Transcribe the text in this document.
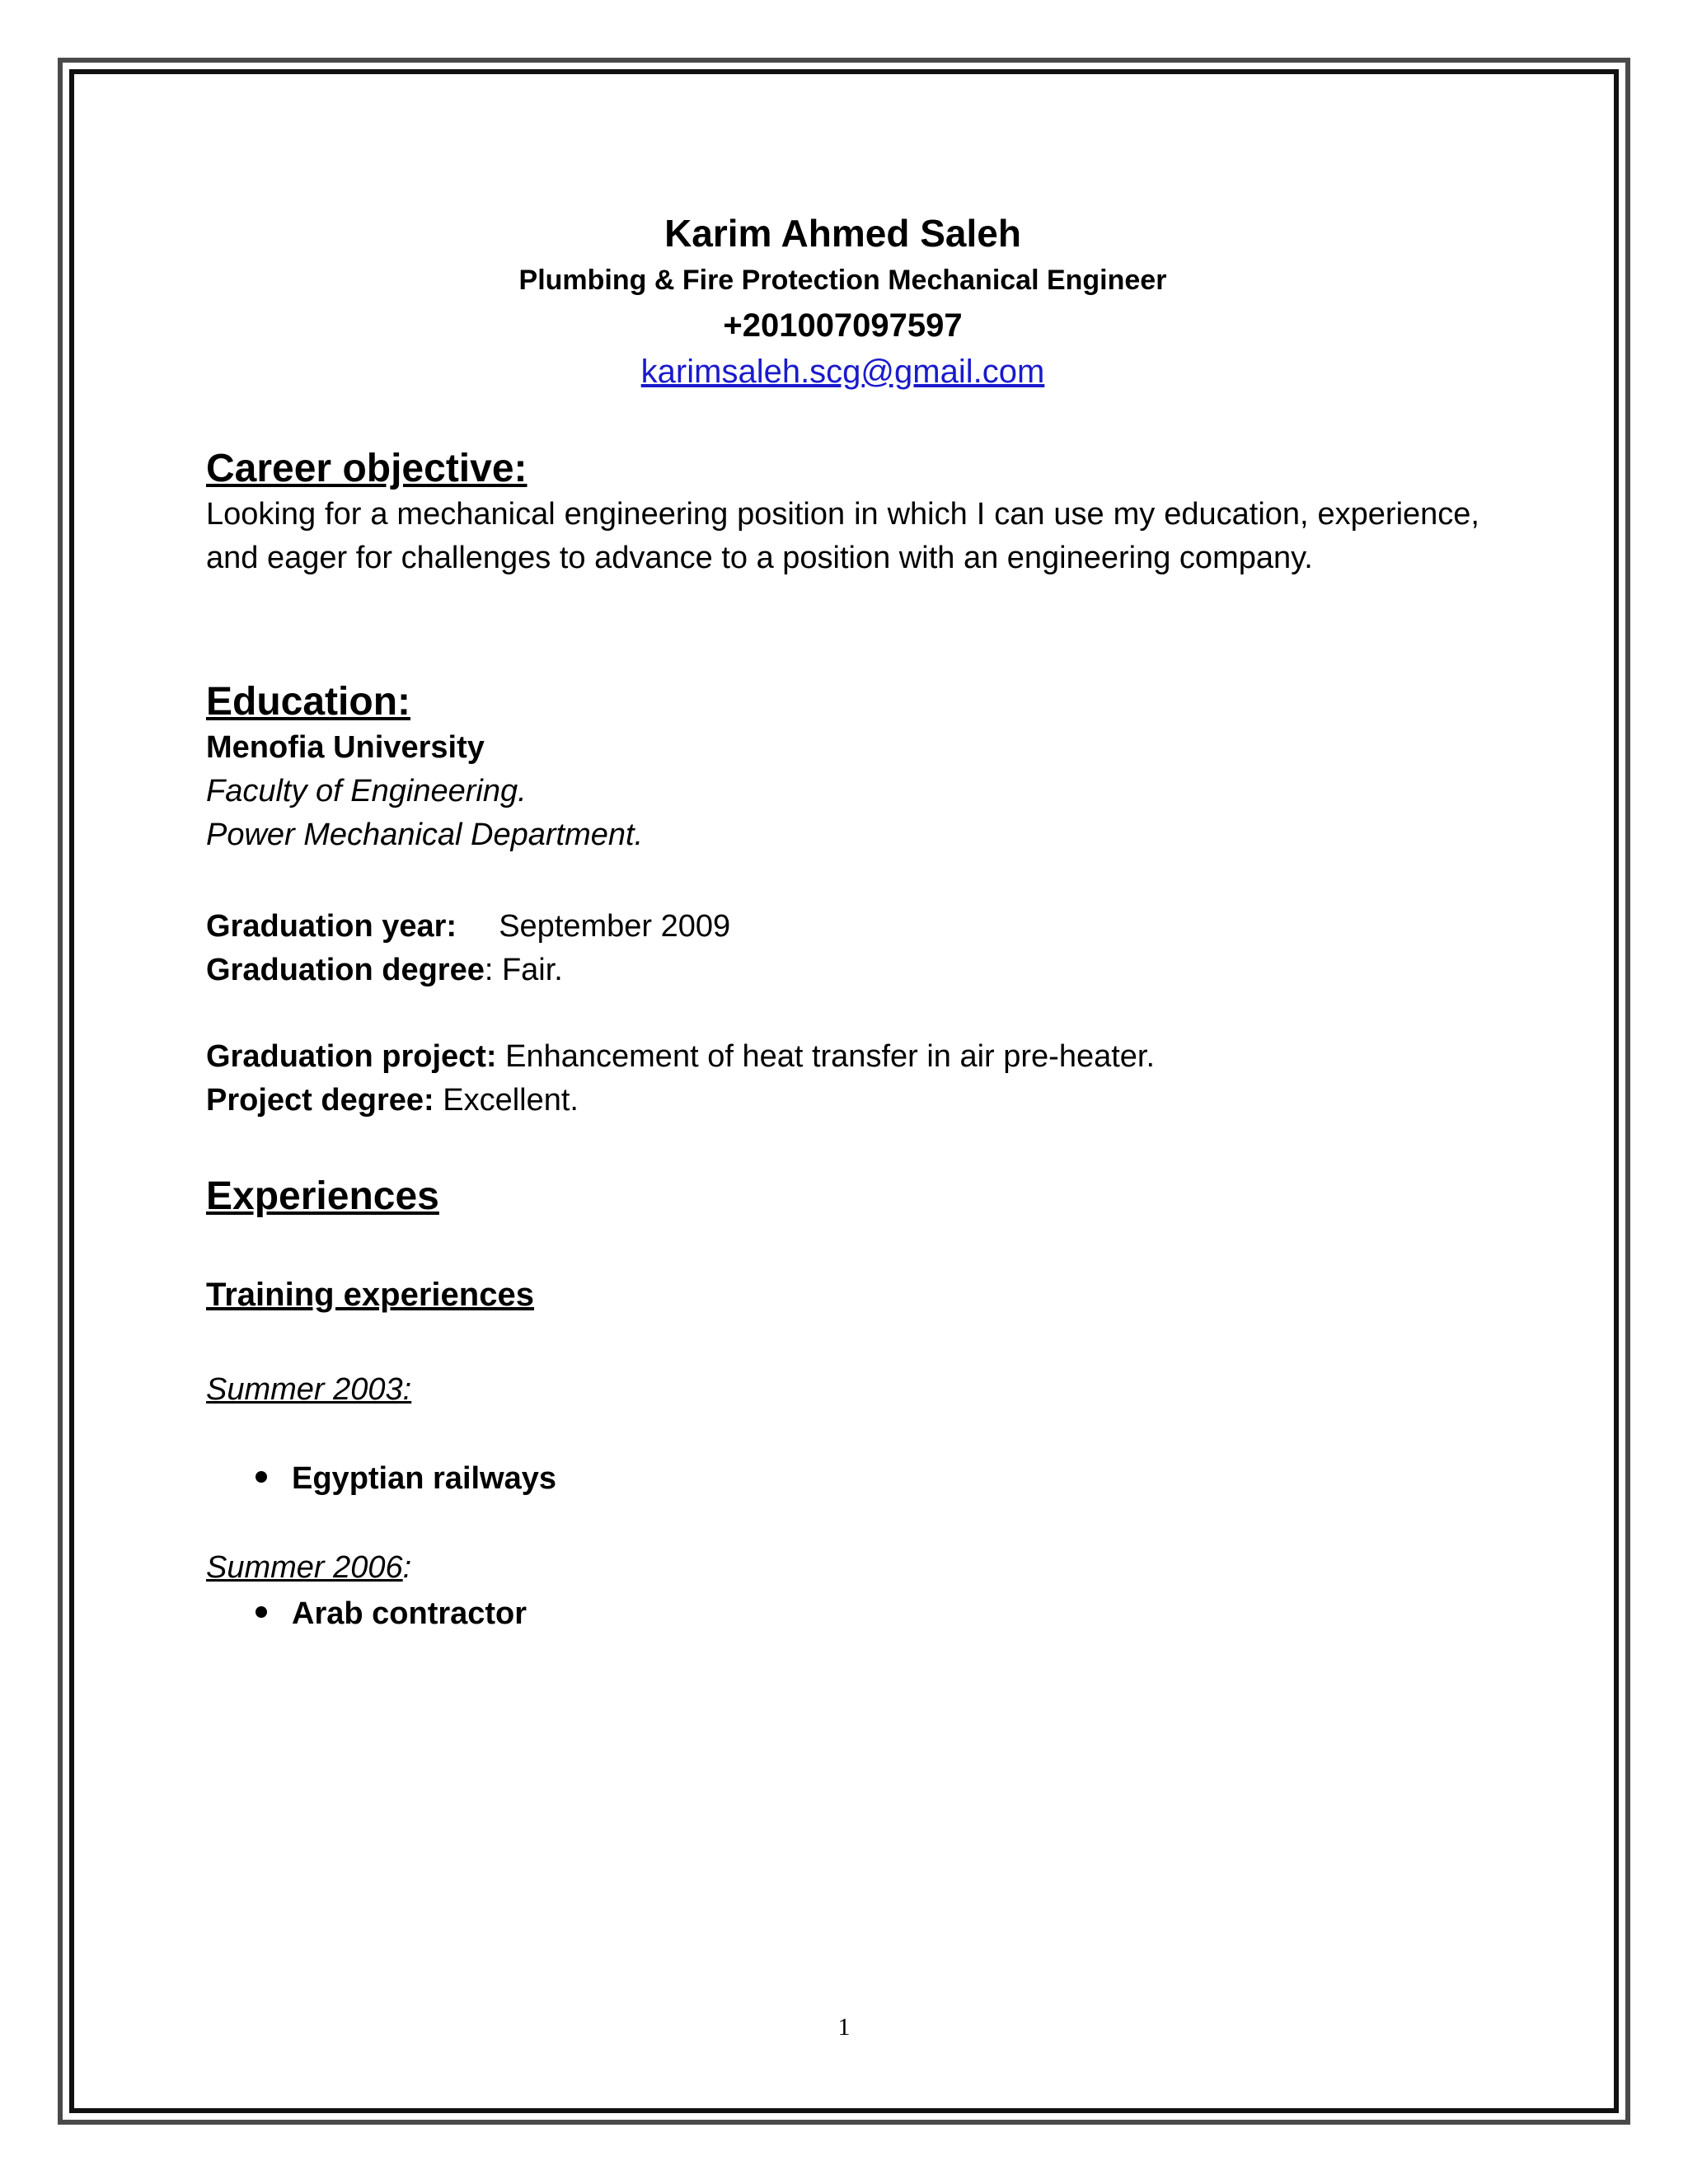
Karim Ahmed Saleh
Plumbing & Fire Protection Mechanical Engineer
+201007097597
karimsaleh.scg@gmail.com
Career objective:
Looking for a mechanical engineering position in which I can use my education, experience, and eager for challenges to advance to a position with an engineering company.
Education:
Menofia University
Faculty of Engineering.
Power Mechanical Department.
Graduation year: September 2009
Graduation degree: Fair.
Graduation project: Enhancement of heat transfer in air pre-heater.
Project degree: Excellent.
Experiences
Training experiences
Summer 2003:
Egyptian railways
Summer 2006:
Arab contractor
1
